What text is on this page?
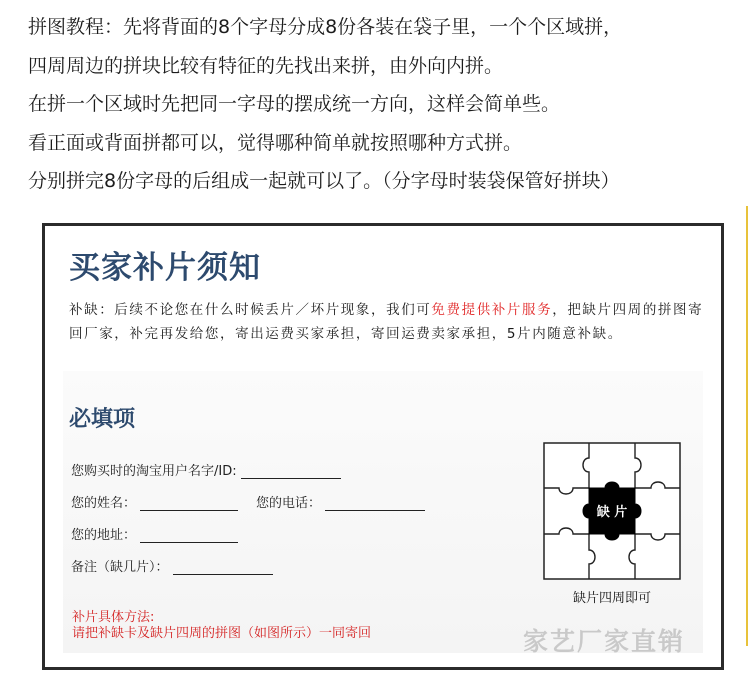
拼图教程：先将背面的8个字母分成8份各装在袋子里，一个个区域拼，
四周周边的拼块比较有特征的先找出来拼，由外向内拼。
在拼一个区域时先把同一字母的摆成统一方向，这样会简单些。
看正面或背面拼都可以，觉得哪种简单就按照哪种方式拼。
分别拼完8份字母的后组成一起就可以了。（分字母时装袋保管好拼块）
买家补片须知
补缺：后续不论您在什么时候丢片／坏片现象，我们可免费提供补片服务，把缺片四周的拼图寄回厂家，补完再发给您，寄出运费买家承担，寄回运费卖家承担，5片内随意补缺。
必填项
您购买时的淘宝用户名字/ID:
您的姓名：	您的电话：
您的地址：
备注（缺几片）：
补片具体方法:
请把补缺卡及缺片四周的拼图（如图所示）一同寄回
缺 片
缺片四周即可
家艺厂家直销
